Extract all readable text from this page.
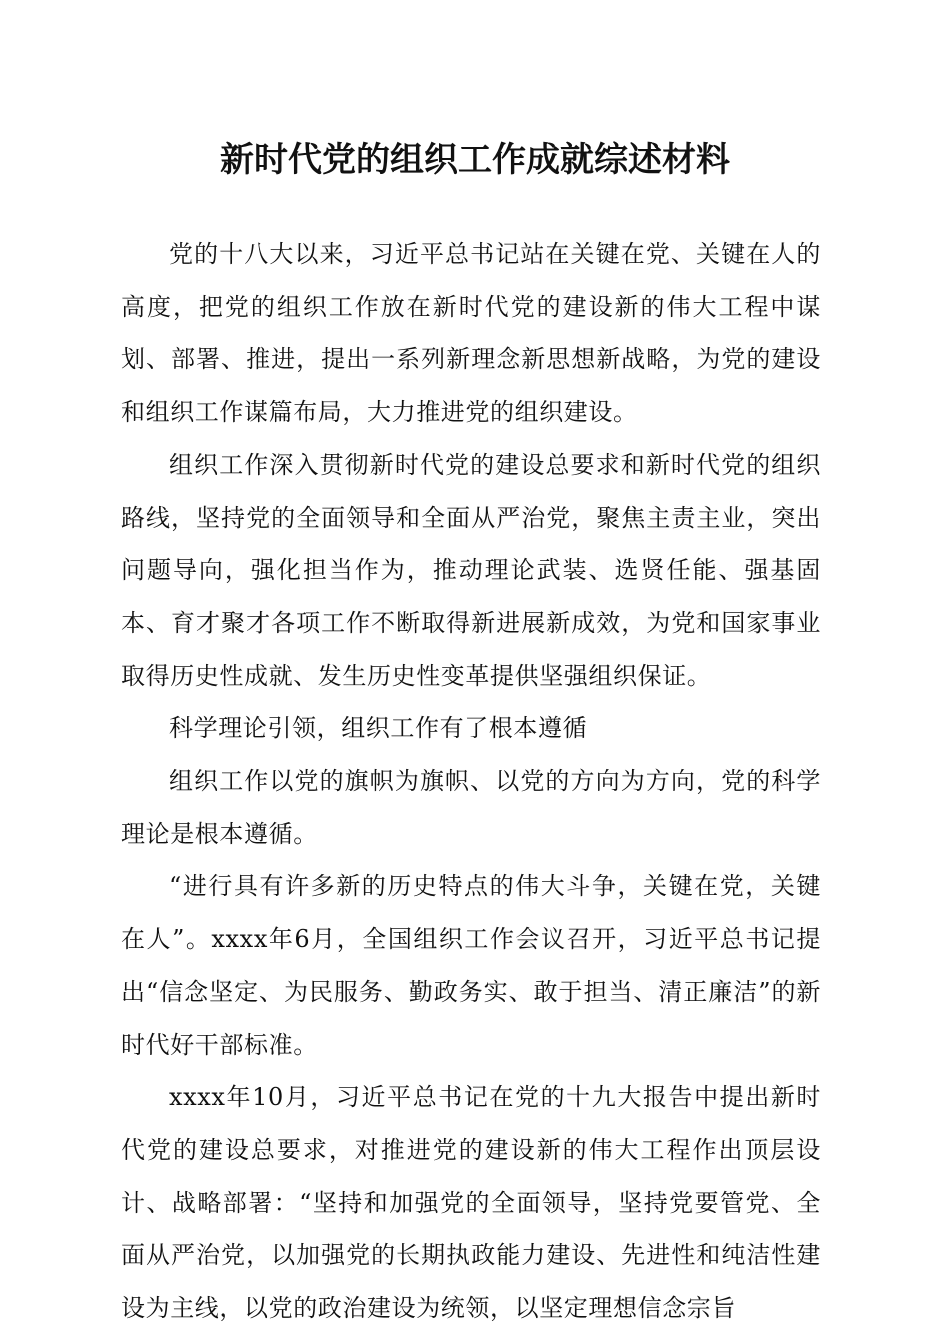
新时代党的组织工作成就综述材料

党的十八大以来，习近平总书记站在关键在党、关键在人的高度，把党的组织工作放在新时代党的建设新的伟大工程中谋划、部署、推进，提出一系列新理念新思想新战略，为党的建设和组织工作谋篇布局，大力推进党的组织建设。

组织工作深入贯彻新时代党的建设总要求和新时代党的组织路线，坚持党的全面领导和全面从严治党，聚焦主责主业，突出问题导向，强化担当作为，推动理论武装、选贤任能、强基固本、育才聚才各项工作不断取得新进展新成效，为党和国家事业取得历史性成就、发生历史性变革提供坚强组织保证。

科学理论引领，组织工作有了根本遵循

组织工作以党的旗帜为旗帜、以党的方向为方向，党的科学理论是根本遵循。

“进行具有许多新的历史特点的伟大斗争，关键在党，关键在人”。xxxx年6月，全国组织工作会议召开，习近平总书记提出“信念坚定、为民服务、勤政务实、敢于担当、清正廉洁”的新时代好干部标准。

xxxx年10月，习近平总书记在党的十九大报告中提出新时代党的建设总要求，对推进党的建设新的伟大工程作出顶层设计、战略部署：“坚持和加强党的全面领导，坚持党要管党、全面从严治党，以加强党的长期执政能力建设、先进性和纯洁性建设为主线，以党的政治建设为统领，以坚定理想信念宗旨
